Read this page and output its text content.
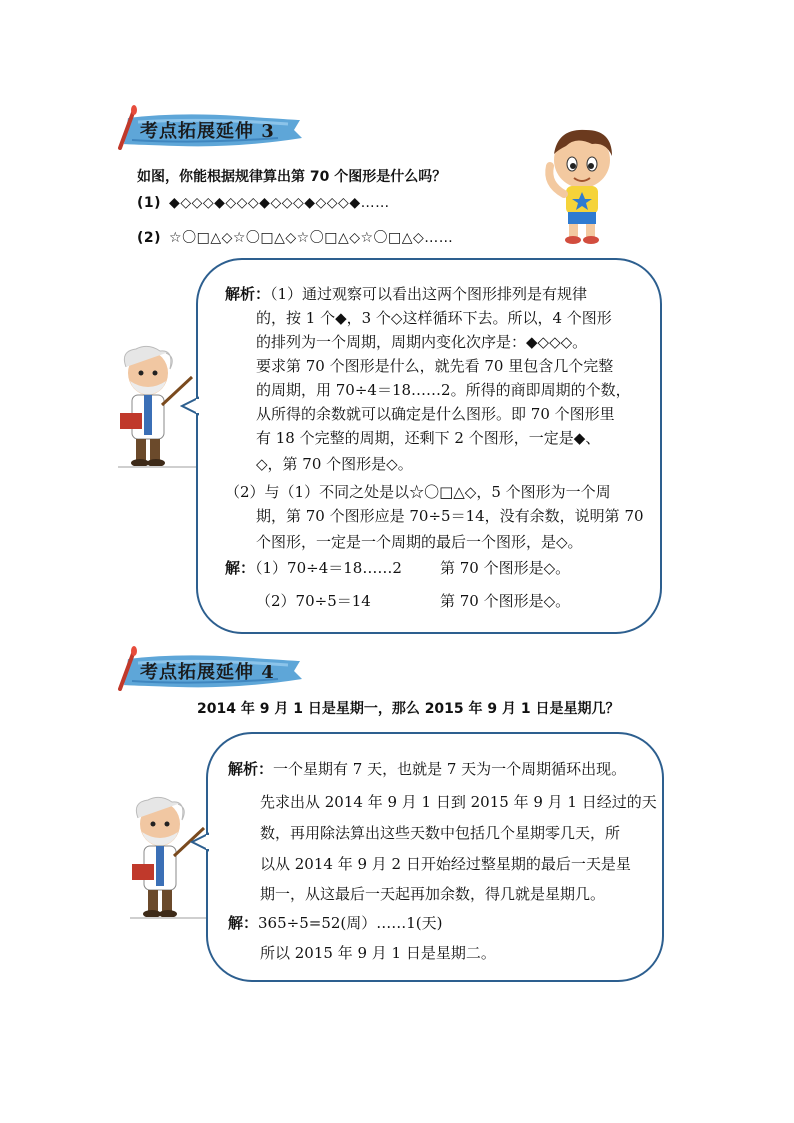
考点拓展延伸 3
如图，你能根据规律算出第 70 个图形是什么吗？
(1) ◆◇◇◇◆◇◇◇◆◇◇◇◆◇◇◇◆……
(2) ☆〇□△◇☆〇□△◇☆〇□△◇☆〇□△◇……
解析：（1）通过观察可以看出这两个图形排列是有规律
的，按 1 个◆，3 个◇这样循环下去。所以，4 个图形
的排列为一个周期，周期内变化次序是：◆◇◇◇。
要求第 70 个图形是什么，就先看 70 里包含几个完整
的周期，用 70÷4＝18……2。所得的商即周期的个数，
从所得的余数就可以确定是什么图形。即 70 个图形里
有 18 个完整的周期，还剩下 2 个图形，一定是◆、
◇，第 70 个图形是◇。
（2）与（1）不同之处是以☆〇□△◇，5 个图形为一个周
期，第 70 个图形应是 70÷5＝14，没有余数，说明第 70
个图形，一定是一个周期的最后一个图形，是◇。
解：（1）70÷4＝18……2	第 70 个图形是◇。
（2）70÷5＝14	第 70 个图形是◇。
考点拓展延伸 4
2014 年 9 月 1 日是星期一，那么 2015 年 9 月 1 日是星期几？
解析：一个星期有 7 天，也就是 7 天为一个周期循环出现。
先求出从 2014 年 9 月 1 日到 2015 年 9 月 1 日经过的天
数，再用除法算出这些天数中包括几个星期零几天，所
以从 2014 年 9 月 2 日开始经过整星期的最后一天是星
期一，从这最后一天起再加余数，得几就是星期几。
解：365÷5=52(周）……1(天)
所以 2015 年 9 月 1 日是星期二。
